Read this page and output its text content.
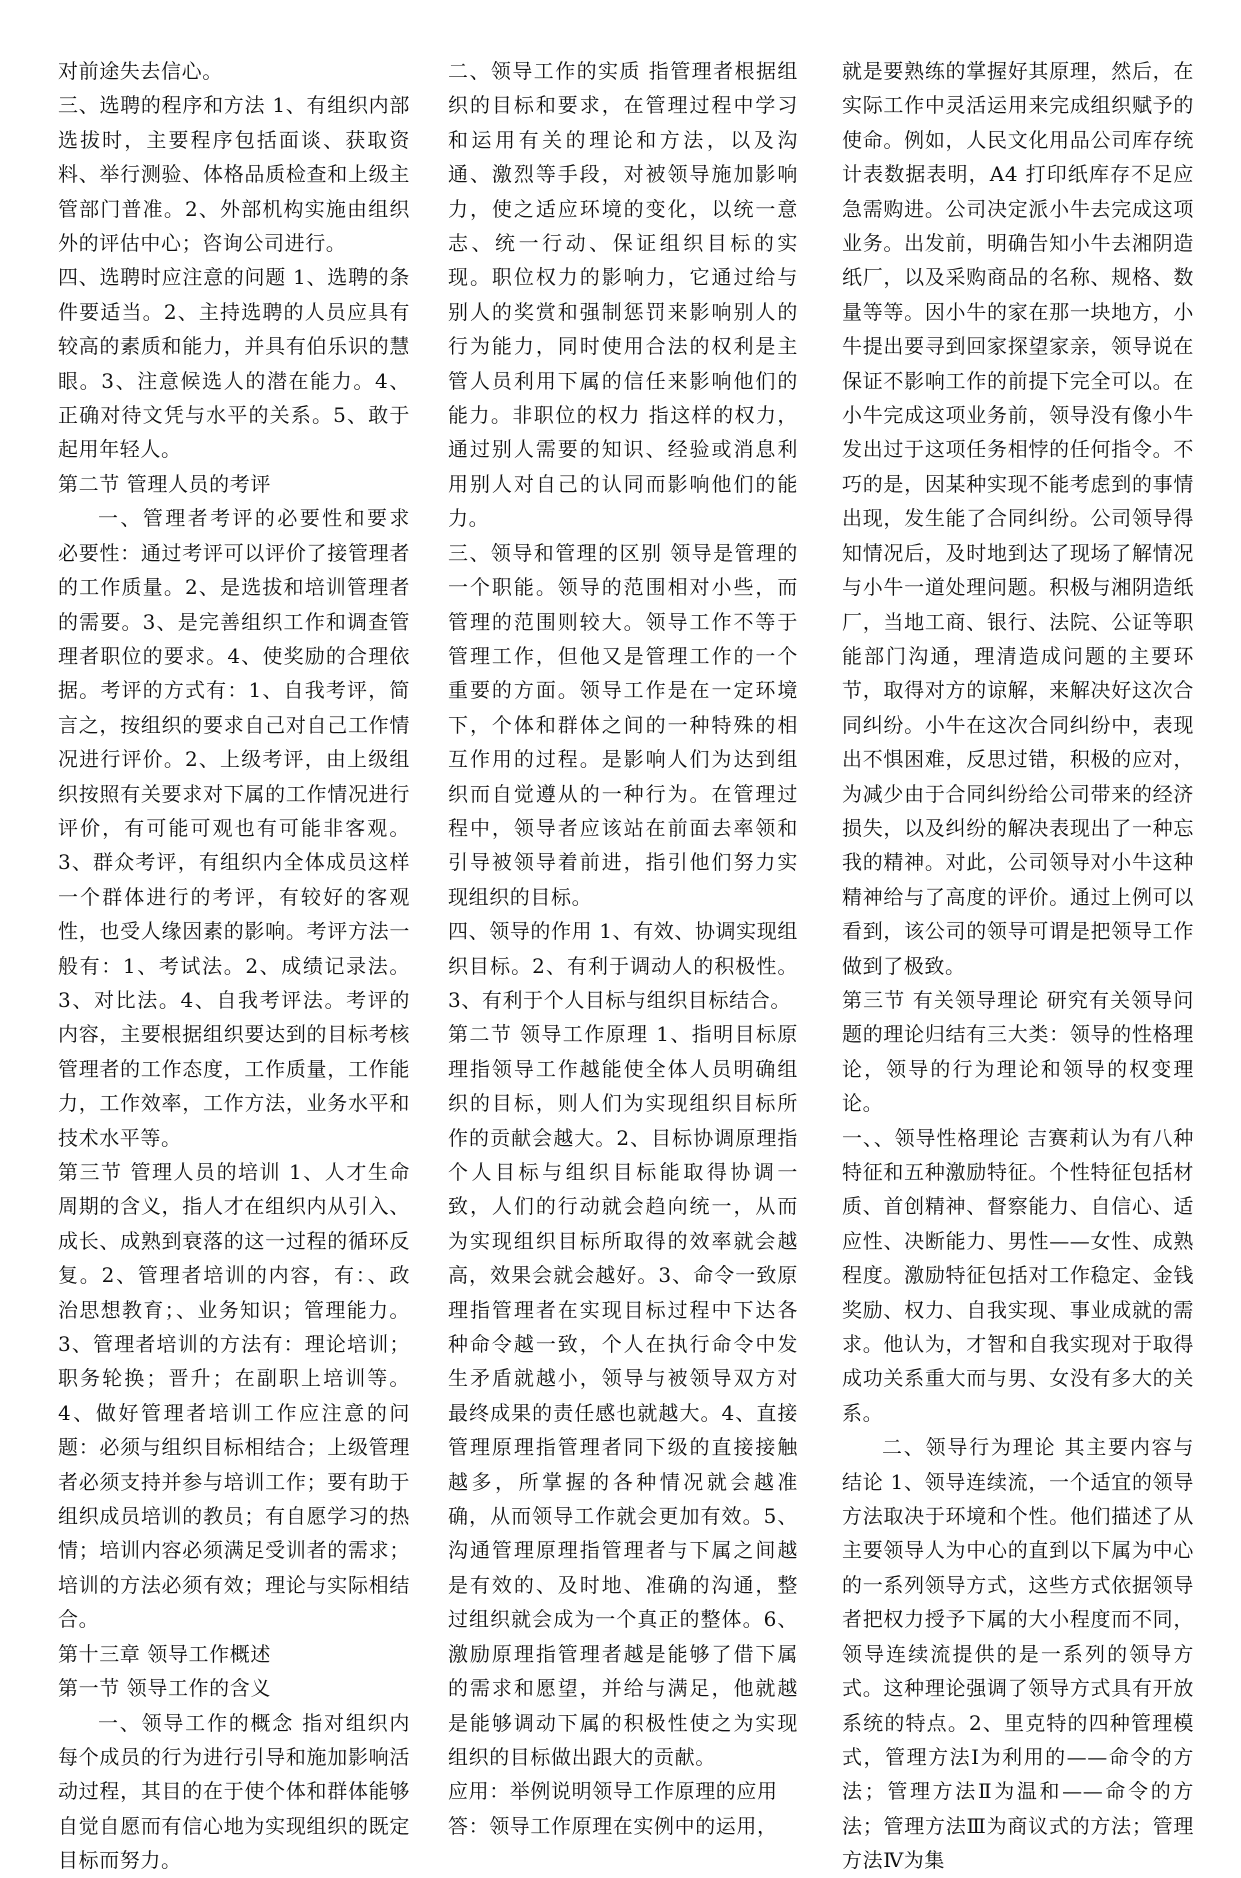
对前途失去信心。

三、选聘的程序和方法 1、有组织内部选拔时，主要程序包括面谈、获取资料、举行测验、体格品质检查和上级主管部门普准。2、外部机构实施由组织外的评估中心；咨询公司进行。

四、选聘时应注意的问题 1、选聘的条件要适当。2、主持选聘的人员应具有较高的素质和能力，并具有伯乐识的慧眼。3、注意候选人的潜在能力。4、正确对待文凭与水平的关系。5、敢于起用年轻人。

第二节 管理人员的考评

一、管理者考评的必要性和要求 必要性：通过考评可以评价了接管理者的工作质量。2、是选拔和培训管理者的需要。3、是完善组织工作和调查管理者职位的要求。4、使奖励的合理依据。考评的方式有：1、自我考评，简言之，按组织的要求自己对自己工作情况进行评价。2、上级考评，由上级组织按照有关要求对下属的工作情况进行评价，有可能可观也有可能非客观。3、群众考评，有组织内全体成员这样一个群体进行的考评，有较好的客观性，也受人缘因素的影响。考评方法一般有：1、考试法。2、成绩记录法。3、对比法。4、自我考评法。考评的内容，主要根据组织要达到的目标考核管理者的工作态度，工作质量，工作能力，工作效率，工作方法，业务水平和技术水平等。

第三节 管理人员的培训 1、人才生命周期的含义，指人才在组织内从引入、成长、成熟到衰落的这一过程的循环反复。2、管理者培训的内容，有：、政治思想教育；、业务知识；管理能力。3、管理者培训的方法有：理论培训；职务轮换；晋升；在副职上培训等。4、做好管理者培训工作应注意的问题：必须与组织目标相结合；上级管理者必须支持并参与培训工作；要有助于组织成员培训的教员；有自愿学习的热情；培训内容必须满足受训者的需求；培训的方法必须有效；理论与实际相结合。

第十三章 领导工作概述

第一节 领导工作的含义

一、领导工作的概念 指对组织内每个成员的行为进行引导和施加影响活动过程，其目的在于使个体和群体能够自觉自愿而有信心地为实现组织的既定目标而努力。

二、领导工作的实质 指管理者根据组织的目标和要求，在管理过程中学习和运用有关的理论和方法，以及沟通、激烈等手段，对被领导施加影响力，使之适应环境的变化，以统一意志、统一行动、保证组织目标的实现。职位权力的影响力，它通过给与别人的奖赏和强制惩罚来影响别人的行为能力，同时使用合法的权利是主管人员利用下属的信任来影响他们的能力。非职位的权力 指这样的权力，通过别人需要的知识、经验或消息利用别人对自己的认同而影响他们的能力。

三、领导和管理的区别 领导是管理的一个职能。领导的范围相对小些，而管理的范围则较大。领导工作不等于管理工作，但他又是管理工作的一个重要的方面。领导工作是在一定环境下，个体和群体之间的一种特殊的相互作用的过程。是影响人们为达到组织而自觉遵从的一种行为。在管理过程中，领导者应该站在前面去率领和引导被领导着前进，指引他们努力实现组织的目标。

四、领导的作用 1、有效、协调实现组织目标。2、有利于调动人的积极性。3、有利于个人目标与组织目标结合。

第二节 领导工作原理 1、指明目标原理指领导工作越能使全体人员明确组织的目标，则人们为实现组织目标所作的贡献会越大。2、目标协调原理指个人目标与组织目标能取得协调一致，人们的行动就会趋向统一，从而为实现组织目标所取得的效率就会越高，效果会就会越好。3、命令一致原理指管理者在实现目标过程中下达各种命令越一致，个人在执行命令中发生矛盾就越小，领导与被领导双方对最终成果的责任感也就越大。4、直接管理原理指管理者同下级的直接接触越多，所掌握的各种情况就会越准确，从而领导工作就会更加有效。5、沟通管理原理指管理者与下属之间越是有效的、及时地、准确的沟通，整过组织就会成为一个真正的整体。6、激励原理指管理者越是能够了借下属的需求和愿望，并给与满足，他就越是能够调动下属的积极性使之为实现组织的目标做出跟大的贡献。

应用：举例说明领导工作原理的应用

答：领导工作原理在实例中的运用，

就是要熟练的掌握好其原理，然后，在实际工作中灵活运用来完成组织赋予的使命。例如，人民文化用品公司库存统计表数据表明，A4 打印纸库存不足应急需购进。公司决定派小牛去完成这项业务。出发前，明确告知小牛去湘阴造纸厂，以及采购商品的名称、规格、数量等等。因小牛的家在那一块地方，小牛提出要寻到回家探望家亲，领导说在保证不影响工作的前提下完全可以。在小牛完成这项业务前，领导没有像小牛发出过于这项任务相悖的任何指令。不巧的是，因某种实现不能考虑到的事情出现，发生能了合同纠纷。公司领导得知情况后，及时地到达了现场了解情况与小牛一道处理问题。积极与湘阴造纸厂，当地工商、银行、法院、公证等职能部门沟通，理清造成问题的主要环节，取得对方的谅解，来解决好这次合同纠纷。小牛在这次合同纠纷中，表现出不惧困难，反思过错，积极的应对，为减少由于合同纠纷给公司带来的经济损失，以及纠纷的解决表现出了一种忘我的精神。对此，公司领导对小牛这种精神给与了高度的评价。通过上例可以看到，该公司的领导可谓是把领导工作做到了极致。

第三节 有关领导理论 研究有关领导问题的理论归结有三大类：领导的性格理论，领导的行为理论和领导的权变理论。

一、、领导性格理论 吉赛莉认为有八种特征和五种激励特征。个性特征包括材质、首创精神、督察能力、自信心、适应性、决断能力、男性——女性、成熟程度。激励特征包括对工作稳定、金钱奖励、权力、自我实现、事业成就的需求。他认为，才智和自我实现对于取得成功关系重大而与男、女没有多大的关系。

二、领导行为理论 其主要内容与结论 1、领导连续流，一个适宜的领导方法取决于环境和个性。他们描述了从主要领导人为中心的直到以下属为中心的一系列领导方式，这些方式依据领导者把权力授予下属的大小程度而不同，领导连续流提供的是一系列的领导方式。这种理论强调了领导方式具有开放系统的特点。2、里克特的四种管理模式，管理方法Ⅰ为利用的——命令的方法；管理方法Ⅱ为温和——命令的方法；管理方法Ⅲ为商议式的方法；管理方法Ⅳ为集
